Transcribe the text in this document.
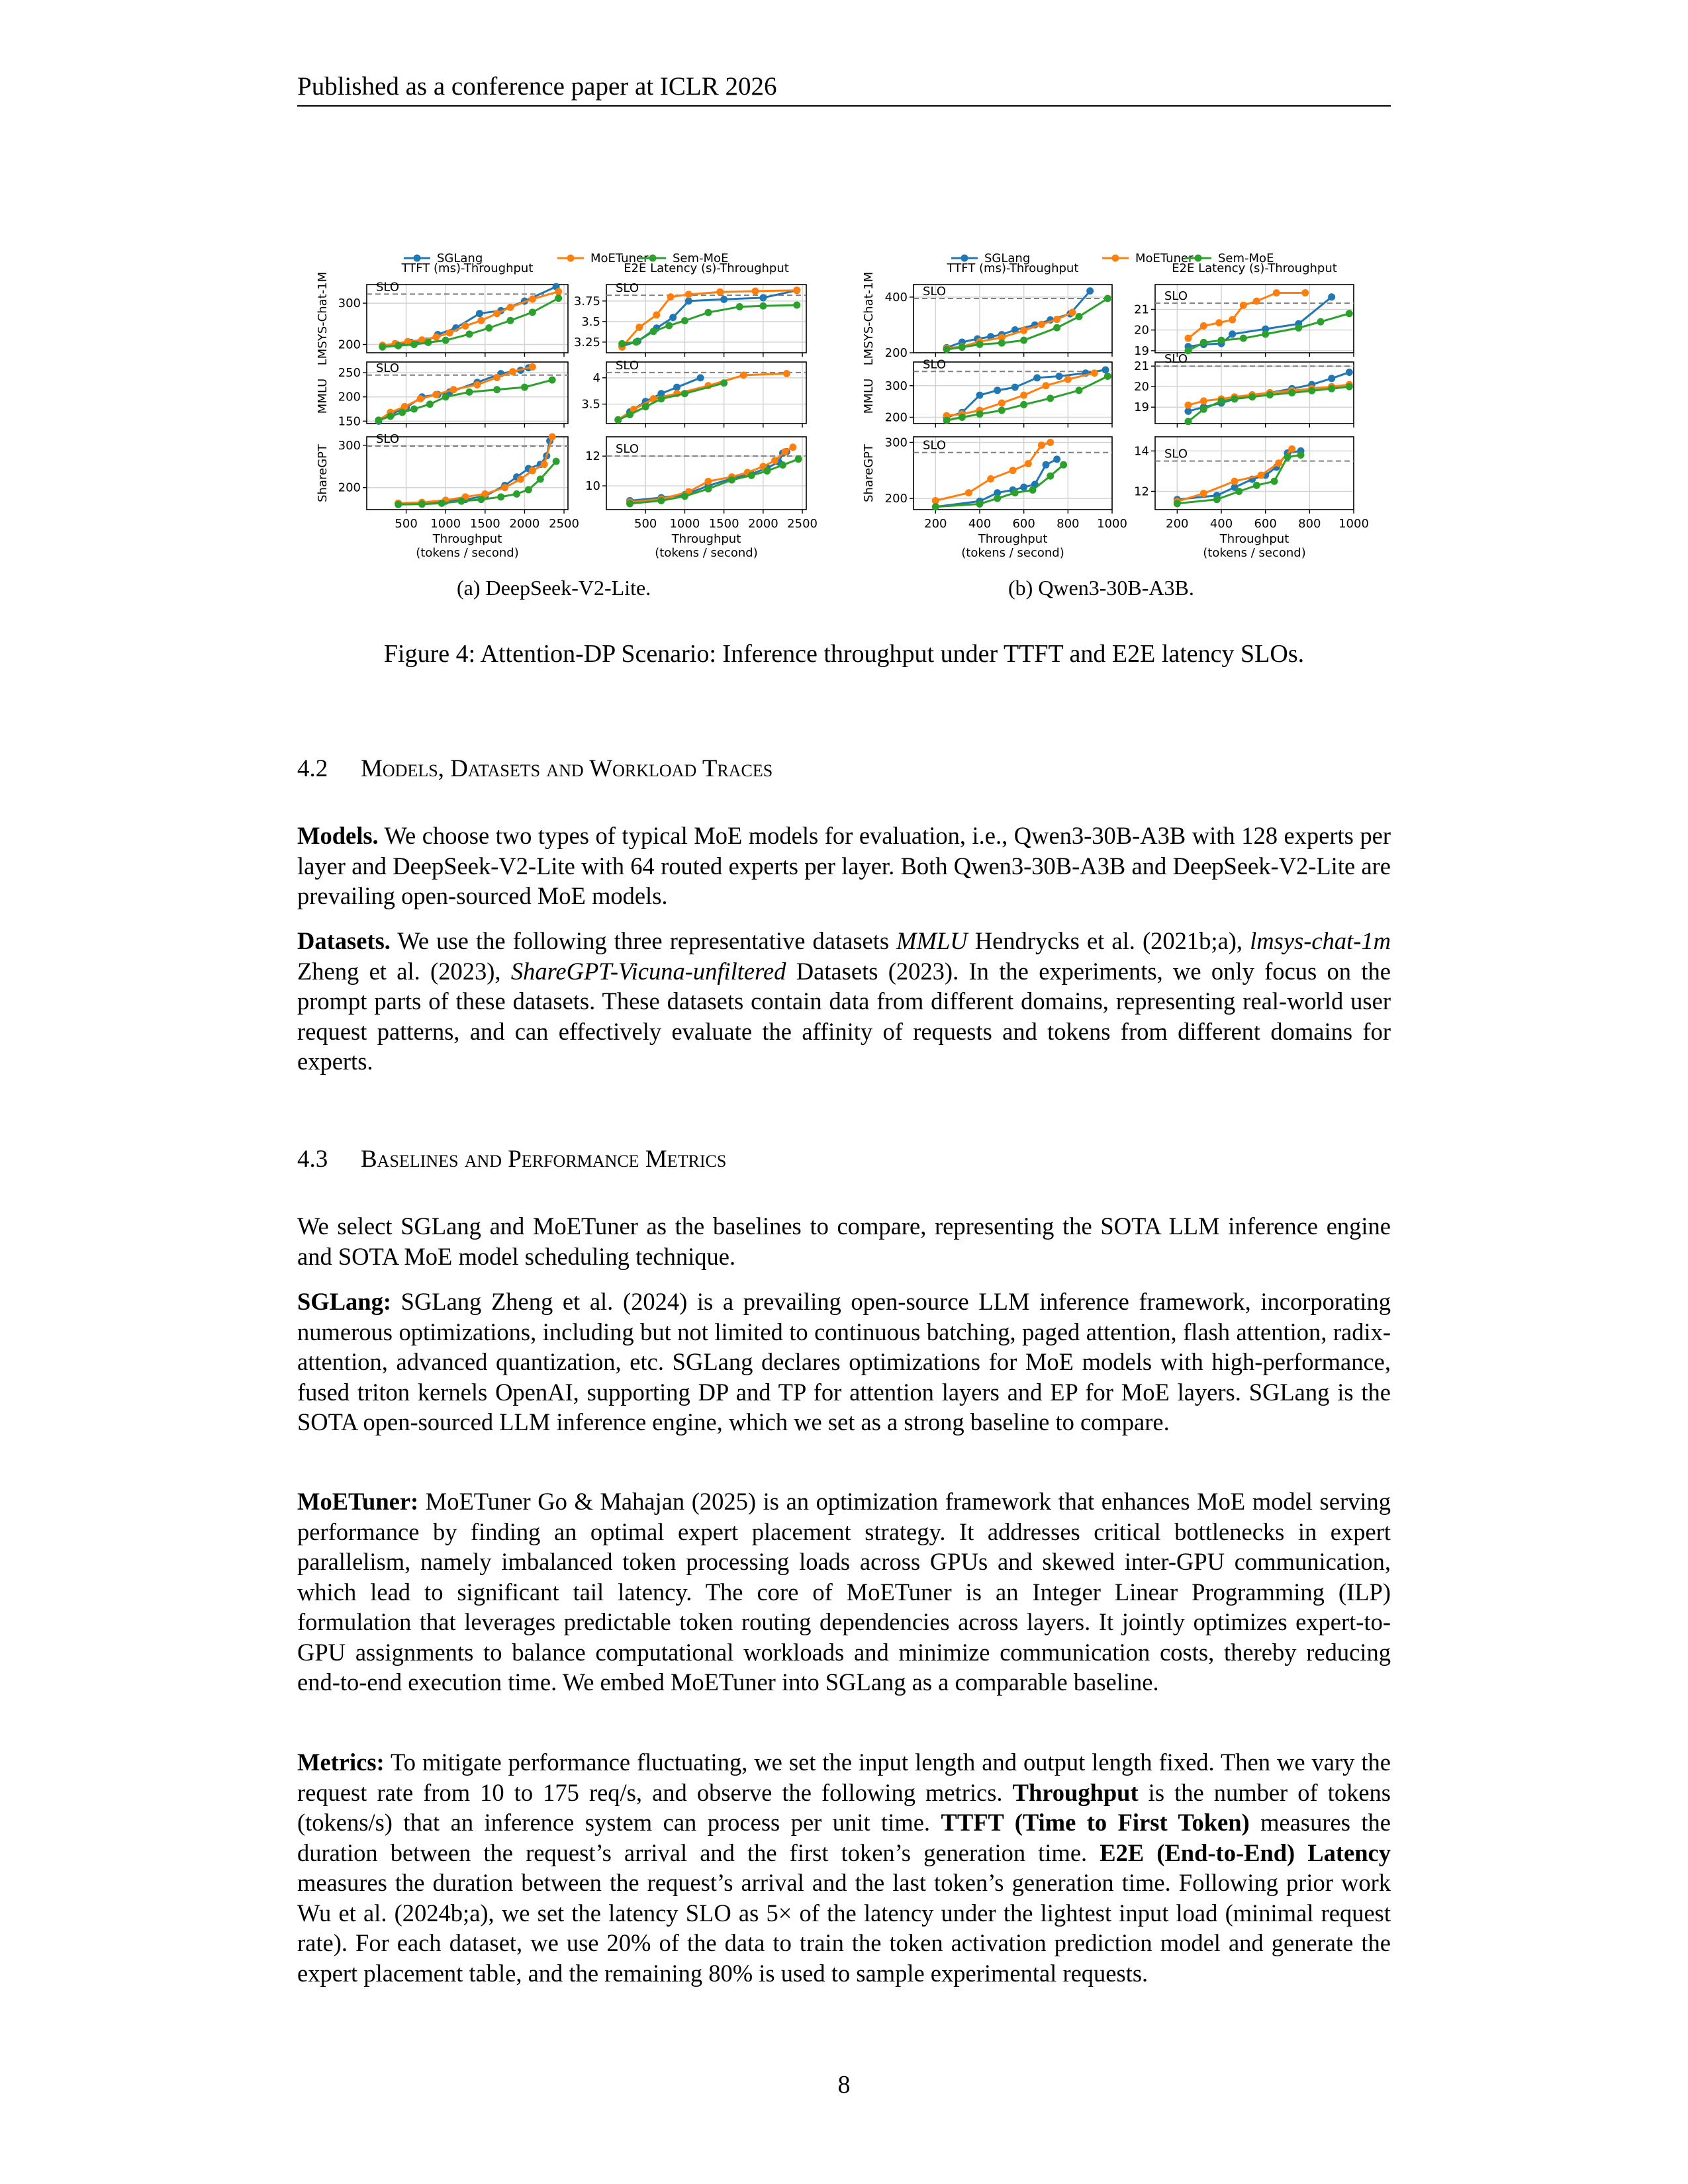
Published as a conference paper at ICLR 2026
200
300
SLO
TTFT (ms)-Throughput
3.25
3.5
3.75
SLO
E2E Latency (s)-Throughput
150
200
250 SLO
3.5
4
SLO
200
300
500 1000 1500 2000 2500
SLO
Throughput
(tokens / second)
10
12
500 1000 1500 2000 2500
SLO
Throughput
(tokens / second)
200
400 SLO
TTFT (ms)-Throughput
19
20
21
SLO
E2E Latency (s)-Throughput
200
300
SLO
19
20
21
SLO
200
300
200 400 600 800 1000
SLO
Throughput
(tokens / second)
12
14
200 400 600 800 1000
SLO
Throughput
(tokens / second)
LMSYS-Chat-1M
MMLU
ShareGPT
LMSYS-Chat-1M
MMLU
ShareGPT
SGLang	MoETuner Sem-MoE	SGLang	MoETuner Sem-MoE
(a) DeepSeek-V2-Lite.	(b) Qwen3-30B-A3B.
Figure 4: Attention-DP Scenario: Inference throughput under TTFT and E2E latency SLOs.
4.2 Models, Datasets and Workload Traces

Models. We choose two types of typical MoE models for evaluation, i.e., Qwen3-30B-A3B with 128 experts per layer and DeepSeek-V2-Lite with 64 routed experts per layer. Both Qwen3-30B-A3B and DeepSeek-V2-Lite are prevailing open-sourced MoE models.

Datasets. We use the following three representative datasets MMLU Hendrycks et al. (2021b;a), lmsys-chat-1m Zheng et al. (2023), ShareGPT-Vicuna-unfiltered Datasets (2023). In the experiments, we only focus on the prompt parts of these datasets. These datasets contain data from different domains, representing real-world user request patterns, and can effectively evaluate the affinity of requests and tokens from different domains for experts.

4.3 Baselines and Performance Metrics

We select SGLang and MoETuner as the baselines to compare, representing the SOTA LLM inference engine and SOTA MoE model scheduling technique.

SGLang: SGLang Zheng et al. (2024) is a prevailing open-source LLM inference framework, incorporating numerous optimizations, including but not limited to continuous batching, paged attention, flash attention, radix-attention, advanced quantization, etc. SGLang declares optimizations for MoE models with high-performance, fused triton kernels OpenAI, supporting DP and TP for attention layers and EP for MoE layers. SGLang is the SOTA open-sourced LLM inference engine, which we set as a strong baseline to compare.

MoETuner: MoETuner Go & Mahajan (2025) is an optimization framework that enhances MoE model serving performance by finding an optimal expert placement strategy. It addresses critical bottlenecks in expert parallelism, namely imbalanced token processing loads across GPUs and skewed inter-GPU communication, which lead to significant tail latency. The core of MoETuner is an Integer Linear Programming (ILP) formulation that leverages predictable token routing dependencies across layers. It jointly optimizes expert-to-GPU assignments to balance computational workloads and minimize communication costs, thereby reducing end-to-end execution time. We embed MoETuner into SGLang as a comparable baseline.

Metrics: To mitigate performance fluctuating, we set the input length and output length fixed. Then we vary the request rate from 10 to 175 req/s, and observe the following metrics. Throughput is the number of tokens (tokens/s) that an inference system can process per unit time. TTFT (Time to First Token) measures the duration between the request’s arrival and the first token’s generation time. E2E (End-to-End) Latency measures the duration between the request’s arrival and the last token’s generation time. Following prior work Wu et al. (2024b;a), we set the latency SLO as 5× of the latency under the lightest input load (minimal request rate). For each dataset, we use 20% of the data to train the token activation prediction model and generate the expert placement table, and the remaining 80% is used to sample experimental requests.

8
